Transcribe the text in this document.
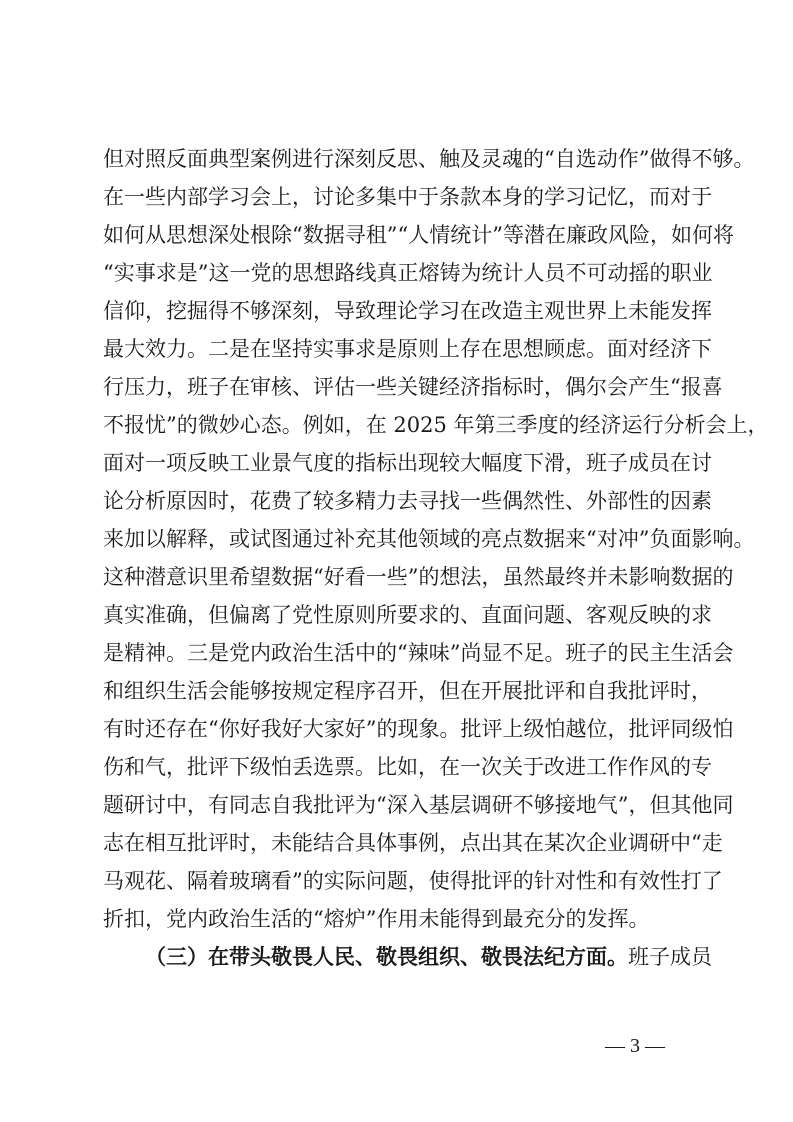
但对照反面典型案例进行深刻反思、触及灵魂的“自选动作”做得不够。
在一些内部学习会上，讨论多集中于条款本身的学习记忆，而对于
如何从思想深处根除“数据寻租”“人情统计”等潜在廉政风险，如何将
“实事求是”这一党的思想路线真正熔铸为统计人员不可动摇的职业
信仰，挖掘得不够深刻，导致理论学习在改造主观世界上未能发挥
最大效力。二是在坚持实事求是原则上存在思想顾虑。面对经济下
行压力，班子在审核、评估一些关键经济指标时，偶尔会产生“报喜
不报忧”的微妙心态。例如，在 2025 年第三季度的经济运行分析会上，
面对一项反映工业景气度的指标出现较大幅度下滑，班子成员在讨
论分析原因时，花费了较多精力去寻找一些偶然性、外部性的因素
来加以解释，或试图通过补充其他领域的亮点数据来“对冲”负面影响。
这种潜意识里希望数据“好看一些”的想法，虽然最终并未影响数据的
真实准确，但偏离了党性原则所要求的、直面问题、客观反映的求
是精神。三是党内政治生活中的“辣味”尚显不足。班子的民主生活会
和组织生活会能够按规定程序召开，但在开展批评和自我批评时，
有时还存在“你好我好大家好”的现象。批评上级怕越位，批评同级怕
伤和气，批评下级怕丢选票。比如，在一次关于改进工作作风的专
题研讨中，有同志自我批评为“深入基层调研不够接地气”，但其他同
志在相互批评时，未能结合具体事例，点出其在某次企业调研中“走
马观花、隔着玻璃看”的实际问题，使得批评的针对性和有效性打了
折扣，党内政治生活的“熔炉”作用未能得到最充分的发挥。
（三）在带头敬畏人民、敬畏组织、敬畏法纪方面。班子成员
— 3 —
